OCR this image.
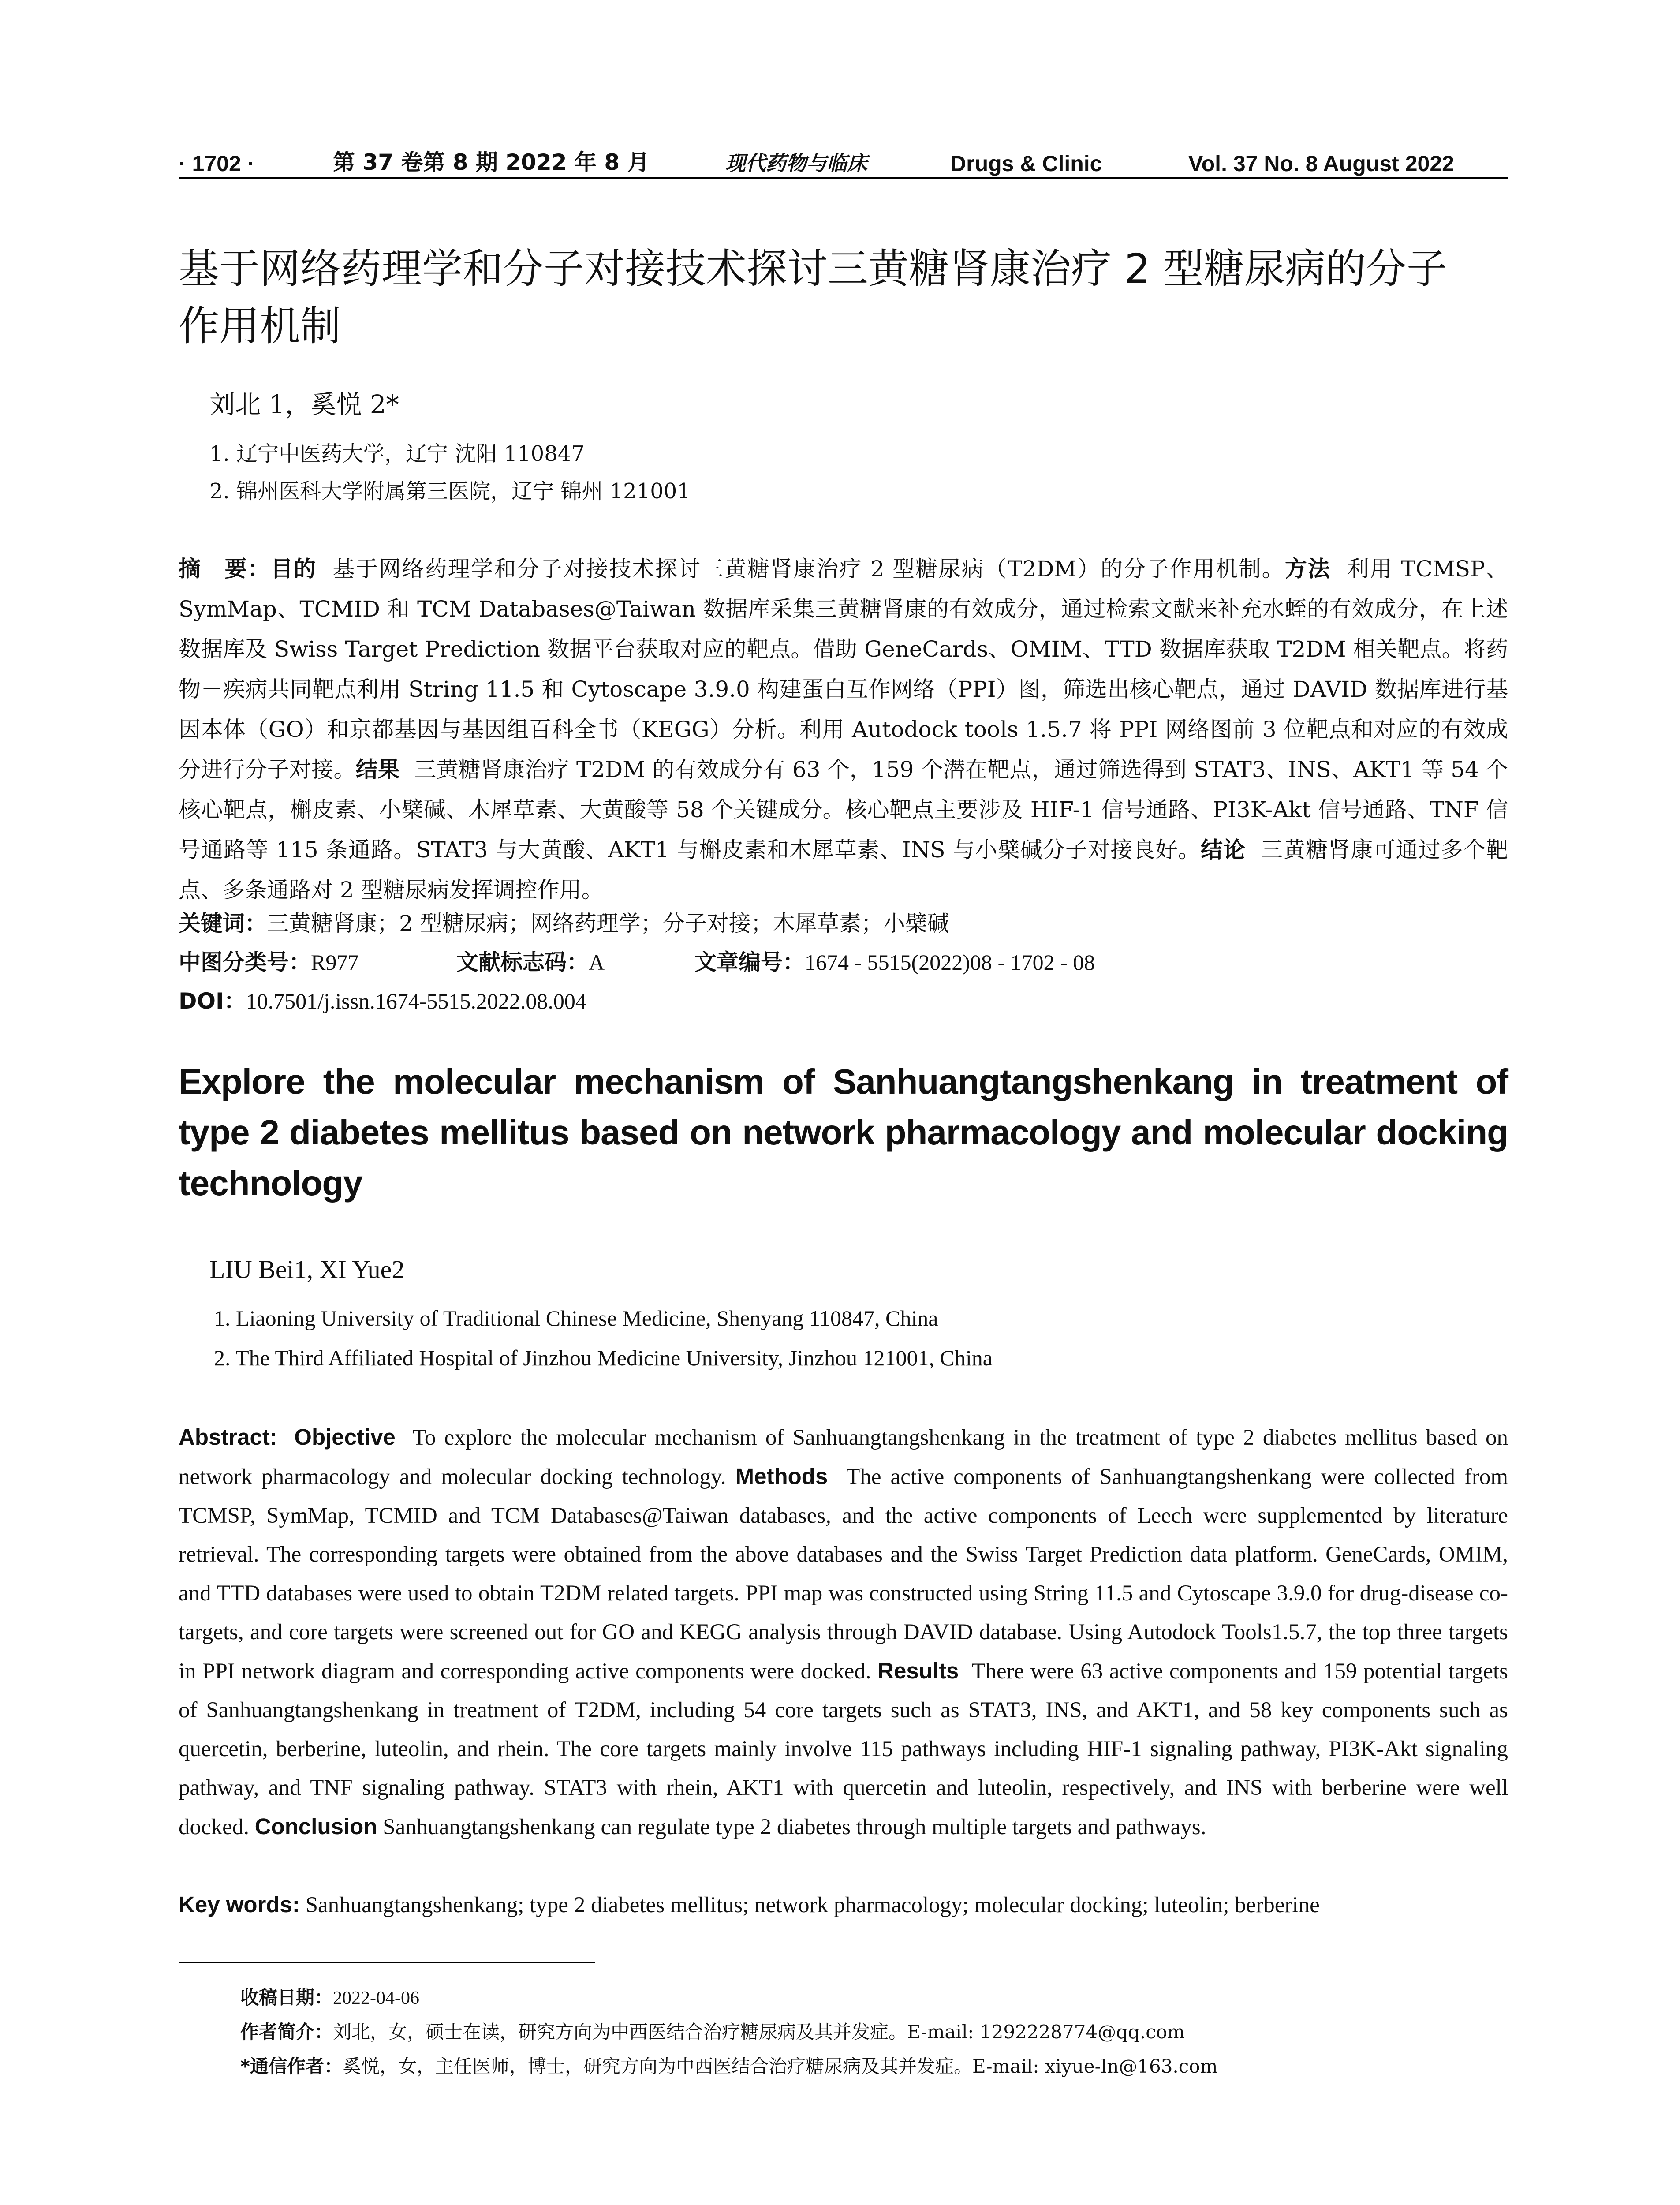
· 1702 ·	第 37 卷第 8 期 2022 年 8 月	现代药物与临床	Drugs & Clinic	Vol. 37 No. 8 August 2022
基于网络药理学和分子对接技术探讨三黄糖肾康治疗 2 型糖尿病的分子
作用机制
刘北 1，奚悦 2*
1. 辽宁中医药大学，辽宁 沈阳 110847
2. 锦州医科大学附属第三医院，辽宁 锦州 121001
摘　要：目的 基于网络药理学和分子对接技术探讨三黄糖肾康治疗 2 型糖尿病（T2DM）的分子作用机制。方法 利用 TCMSP、SymMap、TCMID 和 TCM Databases@Taiwan 数据库采集三黄糖肾康的有效成分，通过检索文献来补充水蛭的有效成分，在上述数据库及 Swiss Target Prediction 数据平台获取对应的靶点。借助 GeneCards、OMIM、TTD 数据库获取 T2DM 相关靶点。将药物－疾病共同靶点利用 String 11.5 和 Cytoscape 3.9.0 构建蛋白互作网络（PPI）图，筛选出核心靶点，通过 DAVID 数据库进行基因本体（GO）和京都基因与基因组百科全书（KEGG）分析。利用 Autodock tools 1.5.7 将 PPI 网络图前 3 位靶点和对应的有效成分进行分子对接。结果 三黄糖肾康治疗 T2DM 的有效成分有 63 个，159 个潜在靶点，通过筛选得到 STAT3、INS、AKT1 等 54 个核心靶点，槲皮素、小檗碱、木犀草素、大黄酸等 58 个关键成分。核心靶点主要涉及 HIF-1 信号通路、PI3K-Akt 信号通路、TNF 信号通路等 115 条通路。STAT3 与大黄酸、AKT1 与槲皮素和木犀草素、INS 与小檗碱分子对接良好。结论 三黄糖肾康可通过多个靶点、多条通路对 2 型糖尿病发挥调控作用。
关键词：三黄糖肾康；2 型糖尿病；网络药理学；分子对接；木犀草素；小檗碱
中图分类号：R977	文献标志码：A	文章编号：1674 - 5515(2022)08 - 1702 - 08
DOI：10.7501/j.issn.1674-5515.2022.08.004
Explore the molecular mechanism of Sanhuangtangshenkang in treatment of type 2 diabetes mellitus based on network pharmacology and molecular docking technology
LIU Bei1, XI Yue2
1. Liaoning University of Traditional Chinese Medicine, Shenyang 110847, China
2. The Third Affiliated Hospital of Jinzhou Medicine University, Jinzhou 121001, China
Abstract: Objective To explore the molecular mechanism of Sanhuangtangshenkang in the treatment of type 2 diabetes mellitus based on network pharmacology and molecular docking technology. Methods The active components of Sanhuangtangshenkang were collected from TCMSP, SymMap, TCMID and TCM Databases@Taiwan databases, and the active components of Leech were supplemented by literature retrieval. The corresponding targets were obtained from the above databases and the Swiss Target Prediction data platform. GeneCards, OMIM, and TTD databases were used to obtain T2DM related targets. PPI map was constructed using String 11.5 and Cytoscape 3.9.0 for drug-disease co-targets, and core targets were screened out for GO and KEGG analysis through DAVID database. Using Autodock Tools1.5.7, the top three targets in PPI network diagram and corresponding active components were docked. Results There were 63 active components and 159 potential targets of Sanhuangtangshenkang in treatment of T2DM, including 54 core targets such as STAT3, INS, and AKT1, and 58 key components such as quercetin, berberine, luteolin, and rhein. The core targets mainly involve 115 pathways including HIF-1 signaling pathway, PI3K-Akt signaling pathway, and TNF signaling pathway. STAT3 with rhein, AKT1 with quercetin and luteolin, respectively, and INS with berberine were well docked. Conclusion Sanhuangtangshenkang can regulate type 2 diabetes through multiple targets and pathways.
Key words: Sanhuangtangshenkang; type 2 diabetes mellitus; network pharmacology; molecular docking; luteolin; berberine
收稿日期：2022-04-06
作者简介：刘北，女，硕士在读，研究方向为中西医结合治疗糖尿病及其并发症。E-mail: 1292228774@qq.com
*通信作者：奚悦，女，主任医师，博士，研究方向为中西医结合治疗糖尿病及其并发症。E-mail: xiyue-ln@163.com
